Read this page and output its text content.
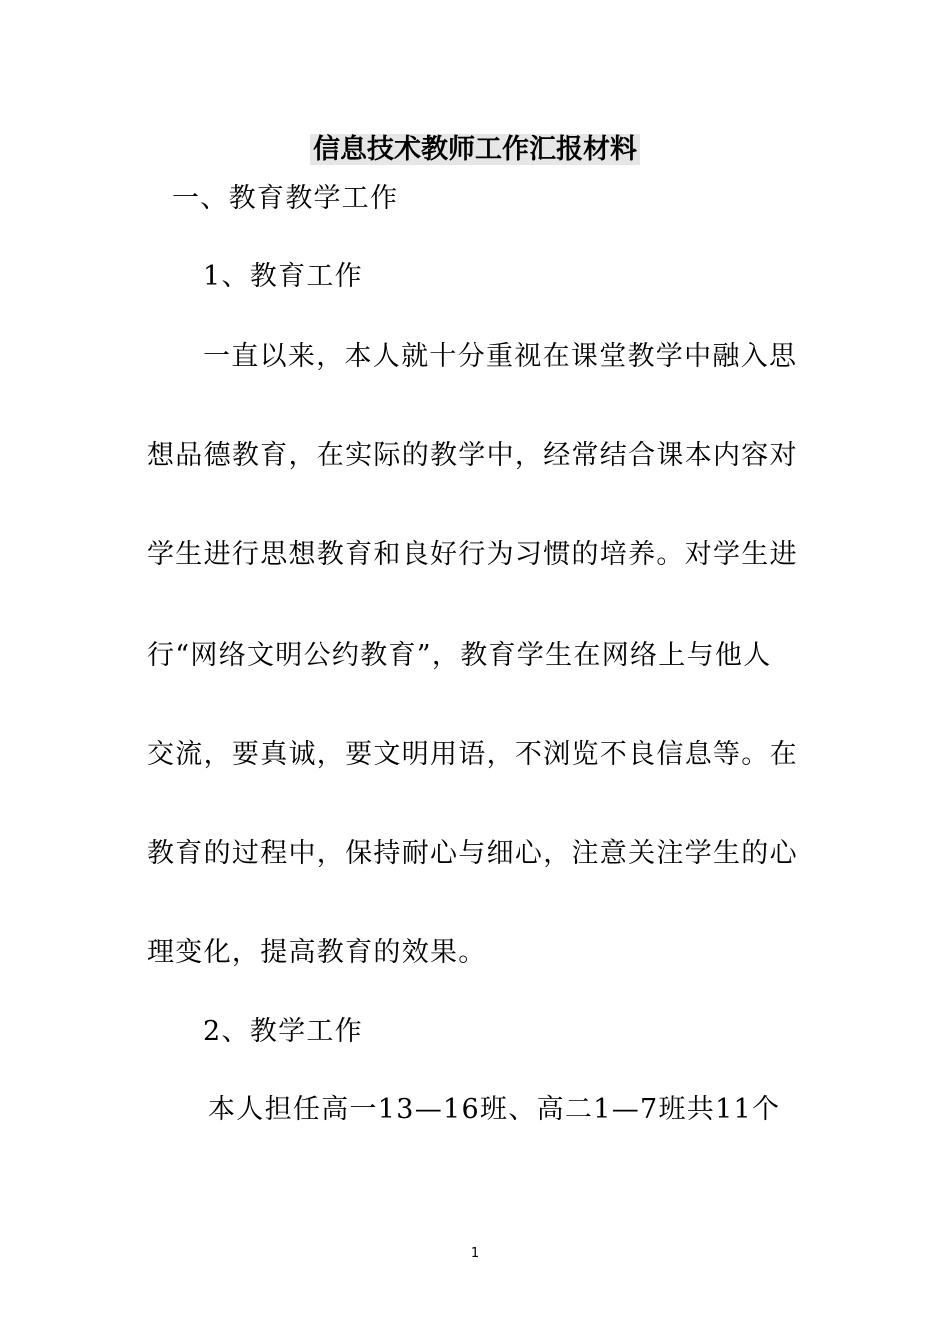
信息技术教师工作汇报材料
一、教育教学工作
1、教育工作
一直以来，本人就十分重视在课堂教学中融入思
想品德教育，在实际的教学中，经常结合课本内容对
学生进行思想教育和良好行为习惯的培养。对学生进
行“网络文明公约教育”，教育学生在网络上与他人
交流，要真诚，要文明用语，不浏览不良信息等。在
教育的过程中，保持耐心与细心，注意关注学生的心
理变化，提高教育的效果。
2、教学工作
本人担任高一13—16班、高二1—7班共11个
1
